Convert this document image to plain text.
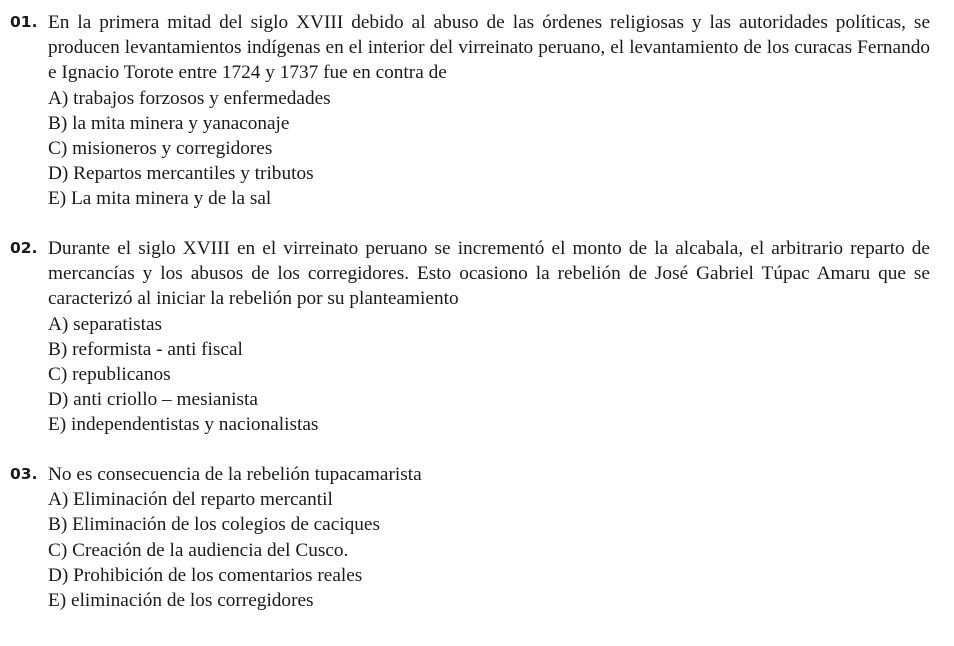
01. En la primera mitad del siglo XVIII debido al abuso de las órdenes religiosas y las autoridades políticas, se producen levantamientos indígenas en el interior del virreinato peruano, el levantamiento de los curacas Fernando e Ignacio Torote entre 1724 y 1737 fue en contra de
A) trabajos forzosos y enfermedades
B) la mita minera y yanaconaje
C) misioneros y corregidores
D) Repartos mercantiles y tributos
E) La mita minera y de la sal
02. Durante el siglo XVIII en el virreinato peruano se incrementó el monto de la alcabala, el arbitrario reparto de mercancías y los abusos de los corregidores. Esto ocasiono la rebelión de José Gabriel Túpac Amaru que se caracterizó al iniciar la rebelión por su planteamiento
A) separatistas
B) reformista - anti fiscal
C) republicanos
D) anti criollo – mesianista
E) independentistas y nacionalistas
03. No es consecuencia de la rebelión tupacamarista
A) Eliminación del reparto mercantil
B) Eliminación de los colegios de caciques
C) Creación de la audiencia del Cusco.
D) Prohibición de los comentarios reales
E) eliminación de los corregidores
